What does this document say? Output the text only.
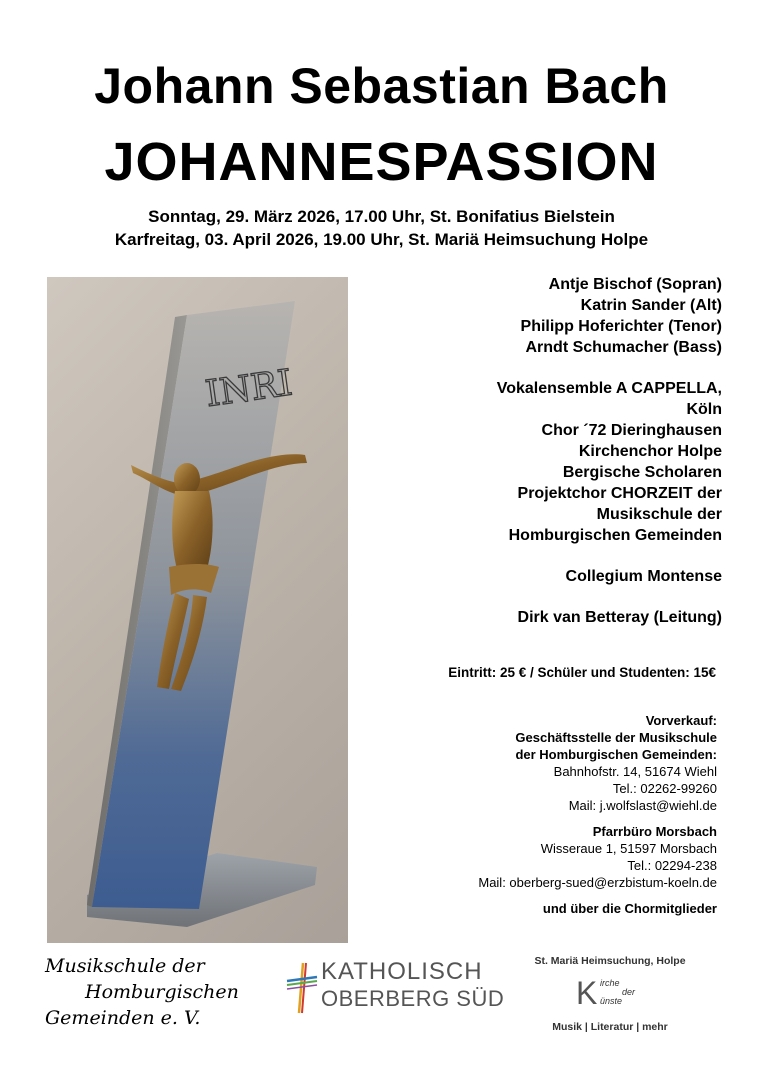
Johann Sebastian Bach
JOHANNESPASSION
Sonntag, 29. März 2026, 17.00 Uhr, St. Bonifatius Bielstein
Karfreitag, 03. April 2026, 19.00 Uhr, St. Mariä Heimsuchung Holpe
INRI
Antje Bischof (Sopran)
Katrin Sander (Alt)
Philipp Hoferichter (Tenor)
Arndt Schumacher (Bass)
Vokalensemble A CAPPELLA,
Köln
Chor ´72 Dieringhausen
Kirchenchor Holpe
Bergische Scholaren
Projektchor CHORZEIT der
Musikschule der
Homburgischen Gemeinden
Collegium Montense
Dirk van Betteray (Leitung)
Eintritt: 25 € / Schüler und Studenten: 15€
Vorverkauf:
Geschäftsstelle der Musikschule
der Homburgischen Gemeinden:
Bahnhofstr. 14, 51674 Wiehl
Tel.: 02262-99260
Mail: j.wolfslast@wiehl.de
Pfarrbüro Morsbach
Wisseraue 1, 51597 Morsbach
Tel.: 02294-238
Mail: oberberg-sued@erzbistum-koeln.de
und über die Chormitglieder
Musikschule der
Homburgischen
Gemeinden e. V.
KATHOLISCH
OBERBERG SÜD
St. Mariä Heimsuchung, Holpe
K irche
der
ünste
Musik | Literatur | mehr
